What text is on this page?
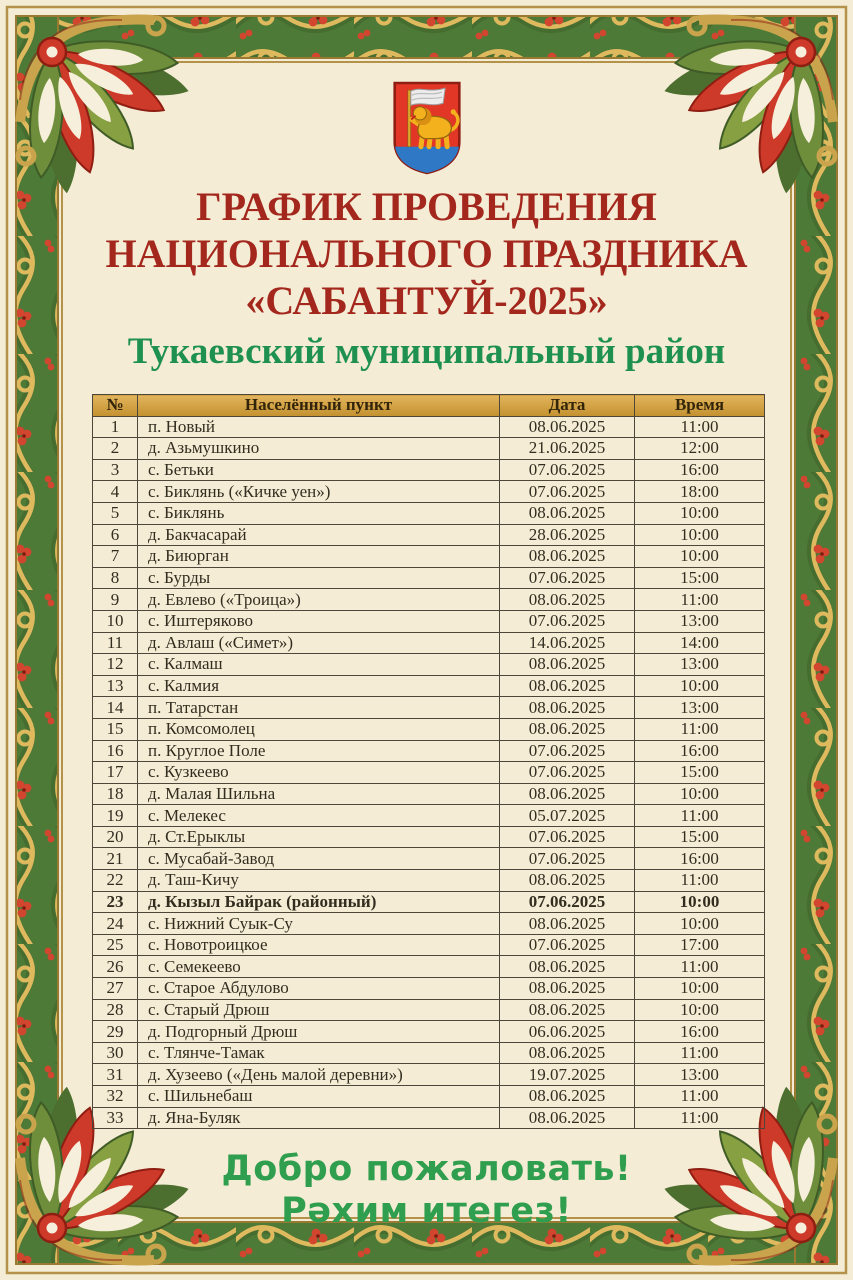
ГРАФИК ПРОВЕДЕНИЯ
НАЦИОНАЛЬНОГО ПРАЗДНИКА
«САБАНТУЙ-2025»
Тукаевский муниципальный район
№	Населённый пункт	Дата	Время
1	п. Новый	08.06.2025	11:00
2	д. Азьмушкино	21.06.2025	12:00
3	с. Бетьки	07.06.2025	16:00
4	с. Биклянь («Кичке уен»)	07.06.2025	18:00
5	с. Биклянь	08.06.2025	10:00
6	д. Бакчасарай	28.06.2025	10:00
7	д. Биюрган	08.06.2025	10:00
8	с. Бурды	07.06.2025	15:00
9	д. Евлево («Троица»)	08.06.2025	11:00
10	с. Иштеряково	07.06.2025	13:00
11	д. Авлаш («Симет»)	14.06.2025	14:00
12	с. Калмаш	08.06.2025	13:00
13	с. Калмия	08.06.2025	10:00
14	п. Татарстан	08.06.2025	13:00
15	п. Комсомолец	08.06.2025	11:00
16	п. Круглое Поле	07.06.2025	16:00
17	с. Кузкеево	07.06.2025	15:00
18	д. Малая Шильна	08.06.2025	10:00
19	с. Мелекес	05.07.2025	11:00
20	д. Ст.Ерыклы	07.06.2025	15:00
21	с. Мусабай-Завод	07.06.2025	16:00
22	д. Таш-Кичу	08.06.2025	11:00
23	д. Кызыл Байрак (районный)	07.06.2025	10:00
24	с. Нижний Суык-Су	08.06.2025	10:00
25	с. Новотроицкое	07.06.2025	17:00
26	с. Семекеево	08.06.2025	11:00
27	с. Старое Абдулово	08.06.2025	10:00
28	с. Старый Дрюш	08.06.2025	10:00
29	д. Подгорный Дрюш	06.06.2025	16:00
30	с. Тлянче-Тамак	08.06.2025	11:00
31	д. Хузеево («День малой деревни»)	19.07.2025	13:00
32	с. Шильнебаш	08.06.2025	11:00
33	д. Яна-Буляк	08.06.2025	11:00
Добро пожаловать!
Рәхим итегез!
